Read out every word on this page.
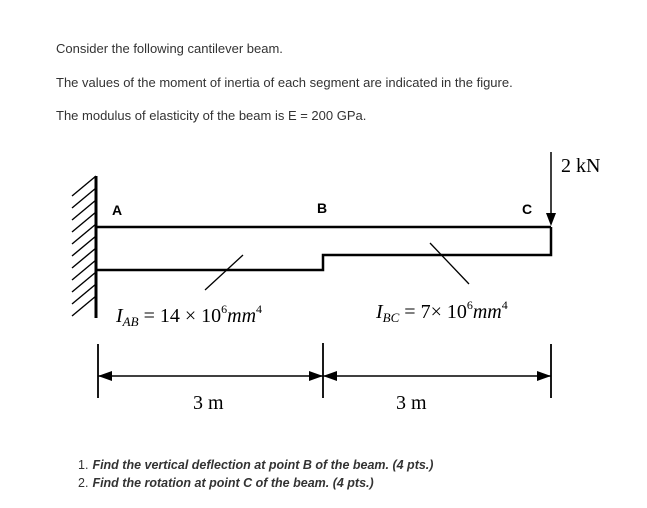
Consider the following cantilever beam.
The values of the moment of inertia of each segment are indicated in the figure.
The modulus of elasticity of the beam is E = 200 GPa.
A	B	C
2 kN
$I_{AB} = 14 \times 10^6mm^4$	$I_{BC} = 7\times 10^6mm^4$
3 m	3 m
1. Find the vertical deflection at point B of the beam. (4 pts.)
2. Find the rotation at point C of the beam. (4 pts.)
